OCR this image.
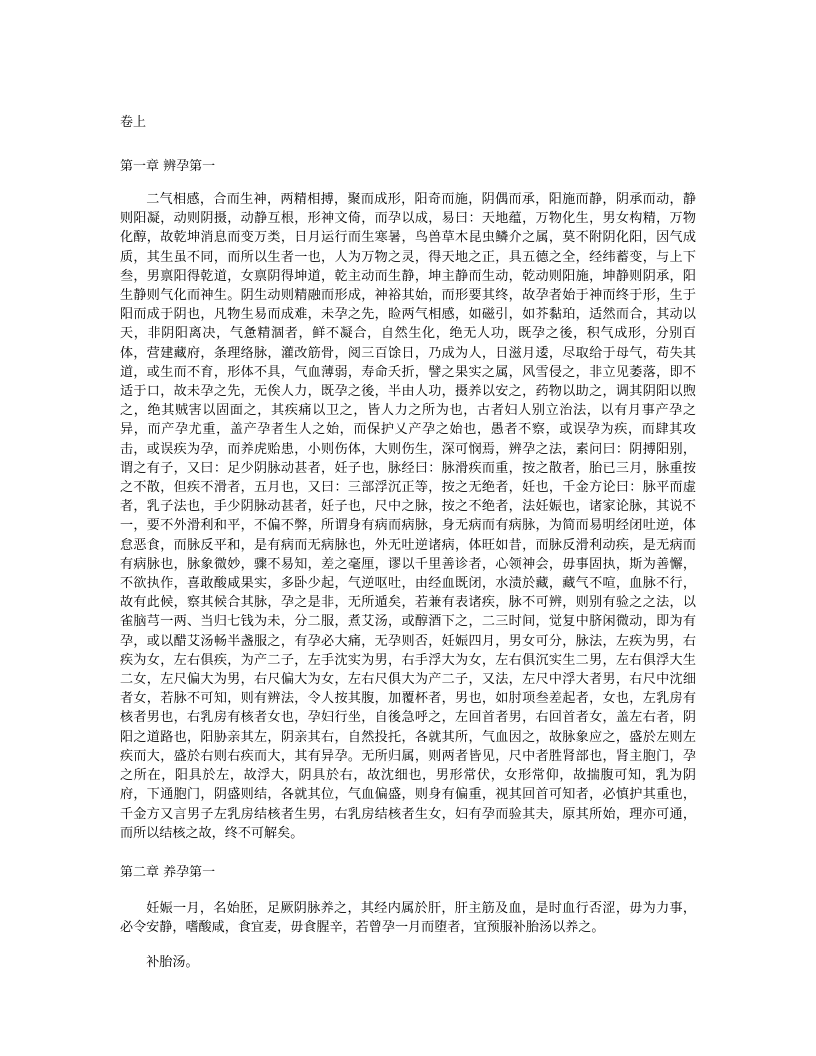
卷上

第一章 辨孕第一

二气相感，合而生神，两精相搏，聚而成形，阳奇而施，阴偶而承，阳施而静，阴承而动，静则阳凝，动则阴摄，动静互根，形神文倚，而孕以成，易曰：天地蕴，万物化生，男女构精，万物化醇，故乾坤消息而变万类，日月运行而生寒暑，鸟兽草木昆虫鳞介之属，莫不附阴化阳，因气成质，其生虽不同，而所以生者一也，人为万物之灵，得天地之正，具五德之全，经纬蓄变，与上下叁，男禀阳得乾道，女禀阴得坤道，乾主动而生静，坤主静而生动，乾动则阳施，坤静则阴承，阳生静则气化而神生。阴生动则精融而形成，神裕其始，而形要其终，故孕者始于神而终于形，生于阳而成于阴也，凡物生易而成难，未孕之先，睑两气相感，如磁引，如芥黏珀，适然而合，其动以天，非阴阳离决，气惫精涸者，鲜不凝合，自然生化，绝无人功，既孕之後，积气成形，分别百体，营建藏府，条理络脉，灌改筋骨，阅三百馀日，乃成为人，日滋月逶，尽取给于母气，苟失其道，或生而不育，形体不具，气血薄弱，寿命夭折，譬之果实之属，风雪侵之，非立见萎落，即不适于口，故未孕之先，无俟人力，既孕之後，半由人功，摄养以安之，药物以助之，调其阴阳以煦之，绝其贼害以固面之，其疾痛以卫之，皆人力之所为也，古者妇人别立治法，以有月事产孕之异，而产孕尤重，盖产孕者生人之始，而保护乂产孕之始也，愚者不察，或误孕为疾，而肆其攻击，或误疾为孕，而养虎贻患，小则伤体，大则伤生，深可悯焉，辨孕之法，素问曰：阴搏阳别，谓之有子，又曰：足少阴脉动甚者，妊子也，脉经曰：脉滑疾而重，按之散者，胎已三月，脉重按之不散，但疾不滑者，五月也，又曰：三部浮沉正等，按之无绝者，妊也，千金方论曰：脉平而虚者，乳子法也，手少阴脉动甚者，妊子也，尺中之脉，按之不绝者，法妊娠也，诸家论脉，其说不一，要不外滑利和平，不偏不弊，所谓身有病而病脉，身无病而有病脉，为简而易明经闭吐逆，体怠恶食，而脉反平和，是有病而无病脉也，外无吐逆诸病，体旺如昔，而脉反滑利动疾，是无病而有病脉也，脉象微妙，骤不易知，差之毫厘，谬以千里善诊者，心领神会，毋事固执，斯为善懈，不欲执作，喜敢酸咸果实，多卧少起，气逆呕吐，由经血既闭，水渍於藏，藏气不喧，血脉不行，故有此候，察其候合其脉，孕之是非，无所遁矣，若兼有表诸疾，脉不可辨，则别有验之之法，以雀脑芎一两、当归七钱为未，分二服，煮艾汤，或醇酒下之，二三时间，觉复中脐闲微动，即为有孕，或以醋艾汤畅半盏服之，有孕必大痛，无孕则否，妊娠四月，男女可分，脉法，左疾为男，右疾为女，左右俱疾，为产二子，左手沈实为男，右手浮大为女，左右俱沉实生二男，左右俱浮大生二女，左尺偏大为男，右尺偏大为女，左右尺俱大为产二子，又法，左尺中浮大者男，右尺中沈细者女，若脉不可知，则有辨法，令人按其腹，加覆杯者，男也，如肘项叁差起者，女也，左乳房有核者男也，右乳房有核者女也，孕妇行坐，自後急呼之，左回首者男，右回首者女，盖左右者，阴阳之道路也，阳胁亲其左，阴亲其右，自然投托，各就其所，气血因之，故脉象应之，盛於左则左疾而大，盛於右则右疾而大，其有异孕。无所归属，则两者皆见，尺中者胜肾部也，肾主胞门，孕之所在，阳具於左，故浮大，阴具於右，故沈细也，男形常伏，女形常仰，故揣腹可知，乳为阴府，下通胞门，阴盛则结，各就其位，气血偏盛，则身有偏重，视其回首可知者，必慎护其重也，千金方又言男子左乳房结核者生男，右乳房结核者生女，妇有孕而验其夫，原其所始，理亦可通，而所以结核之故，终不可解矣。

第二章 养孕第一

妊娠一月，名始胚，足厥阴脉养之，其经内属於肝，肝主筋及血，是时血行否涩，毋为力事，必令安静，嗜酸咸，食宜麦，毋食腥辛，若曾孕一月而堕者，宜预服补胎汤以养之。

补胎汤。
